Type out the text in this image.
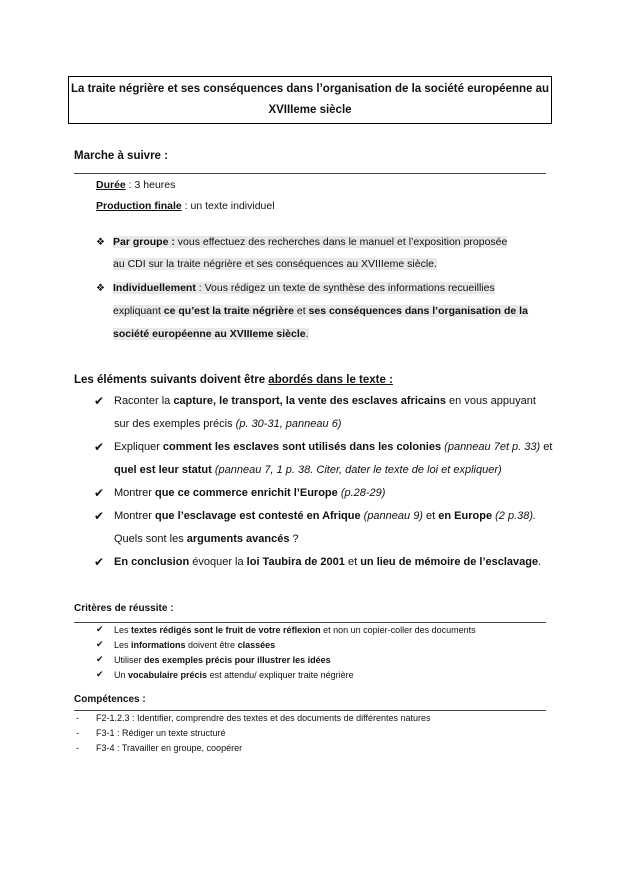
La traite négrière et ses conséquences dans l’organisation de la société européenne au
XVIIIeme siècle
Marche à suivre :
Durée : 3 heures
Production finale : un texte individuel
❖ Par groupe : vous effectuez des recherches dans le manuel et l’exposition proposée
au CDI sur la traite négrière et ses conséquences au XVIIIeme siècle.
❖ Individuellement : Vous rédigez un texte de synthèse des informations recueillies
expliquant ce qu’est la traite négrière et ses conséquences dans l’organisation de la
société européenne au XVIIIeme siècle.
Les éléments suivants doivent être abordés dans le texte :
✔ Raconter la capture, le transport, la vente des esclaves africains en vous appuyant
sur des exemples précis (p. 30-31, panneau 6)
✔ Expliquer comment les esclaves sont utilisés dans les colonies (panneau 7et p. 33) et
quel est leur statut (panneau 7, 1 p. 38. Citer, dater le texte de loi et expliquer)
✔ Montrer que ce commerce enrichit l’Europe (p.28-29)
✔ Montrer que l’esclavage est contesté en Afrique (panneau 9) et en Europe (2 p.38).
Quels sont les arguments avancés ?
✔ En conclusion évoquer la loi Taubira de 2001 et un lieu de mémoire de l’esclavage.
Critères de réussite :
✔ Les textes rédigés sont le fruit de votre réflexion et non un copier-coller des documents
✔ Les informations doivent être classées
✔ Utiliser des exemples précis pour illustrer les idées
✔ Un vocabulaire précis est attendu/ expliquer traite négrière
Compétences :
- F2-1.2.3 : Identifier, comprendre des textes et des documents de différentes natures
- F3-1 : Rédiger un texte structuré
- F3-4 : Travailler en groupe, coopérer
